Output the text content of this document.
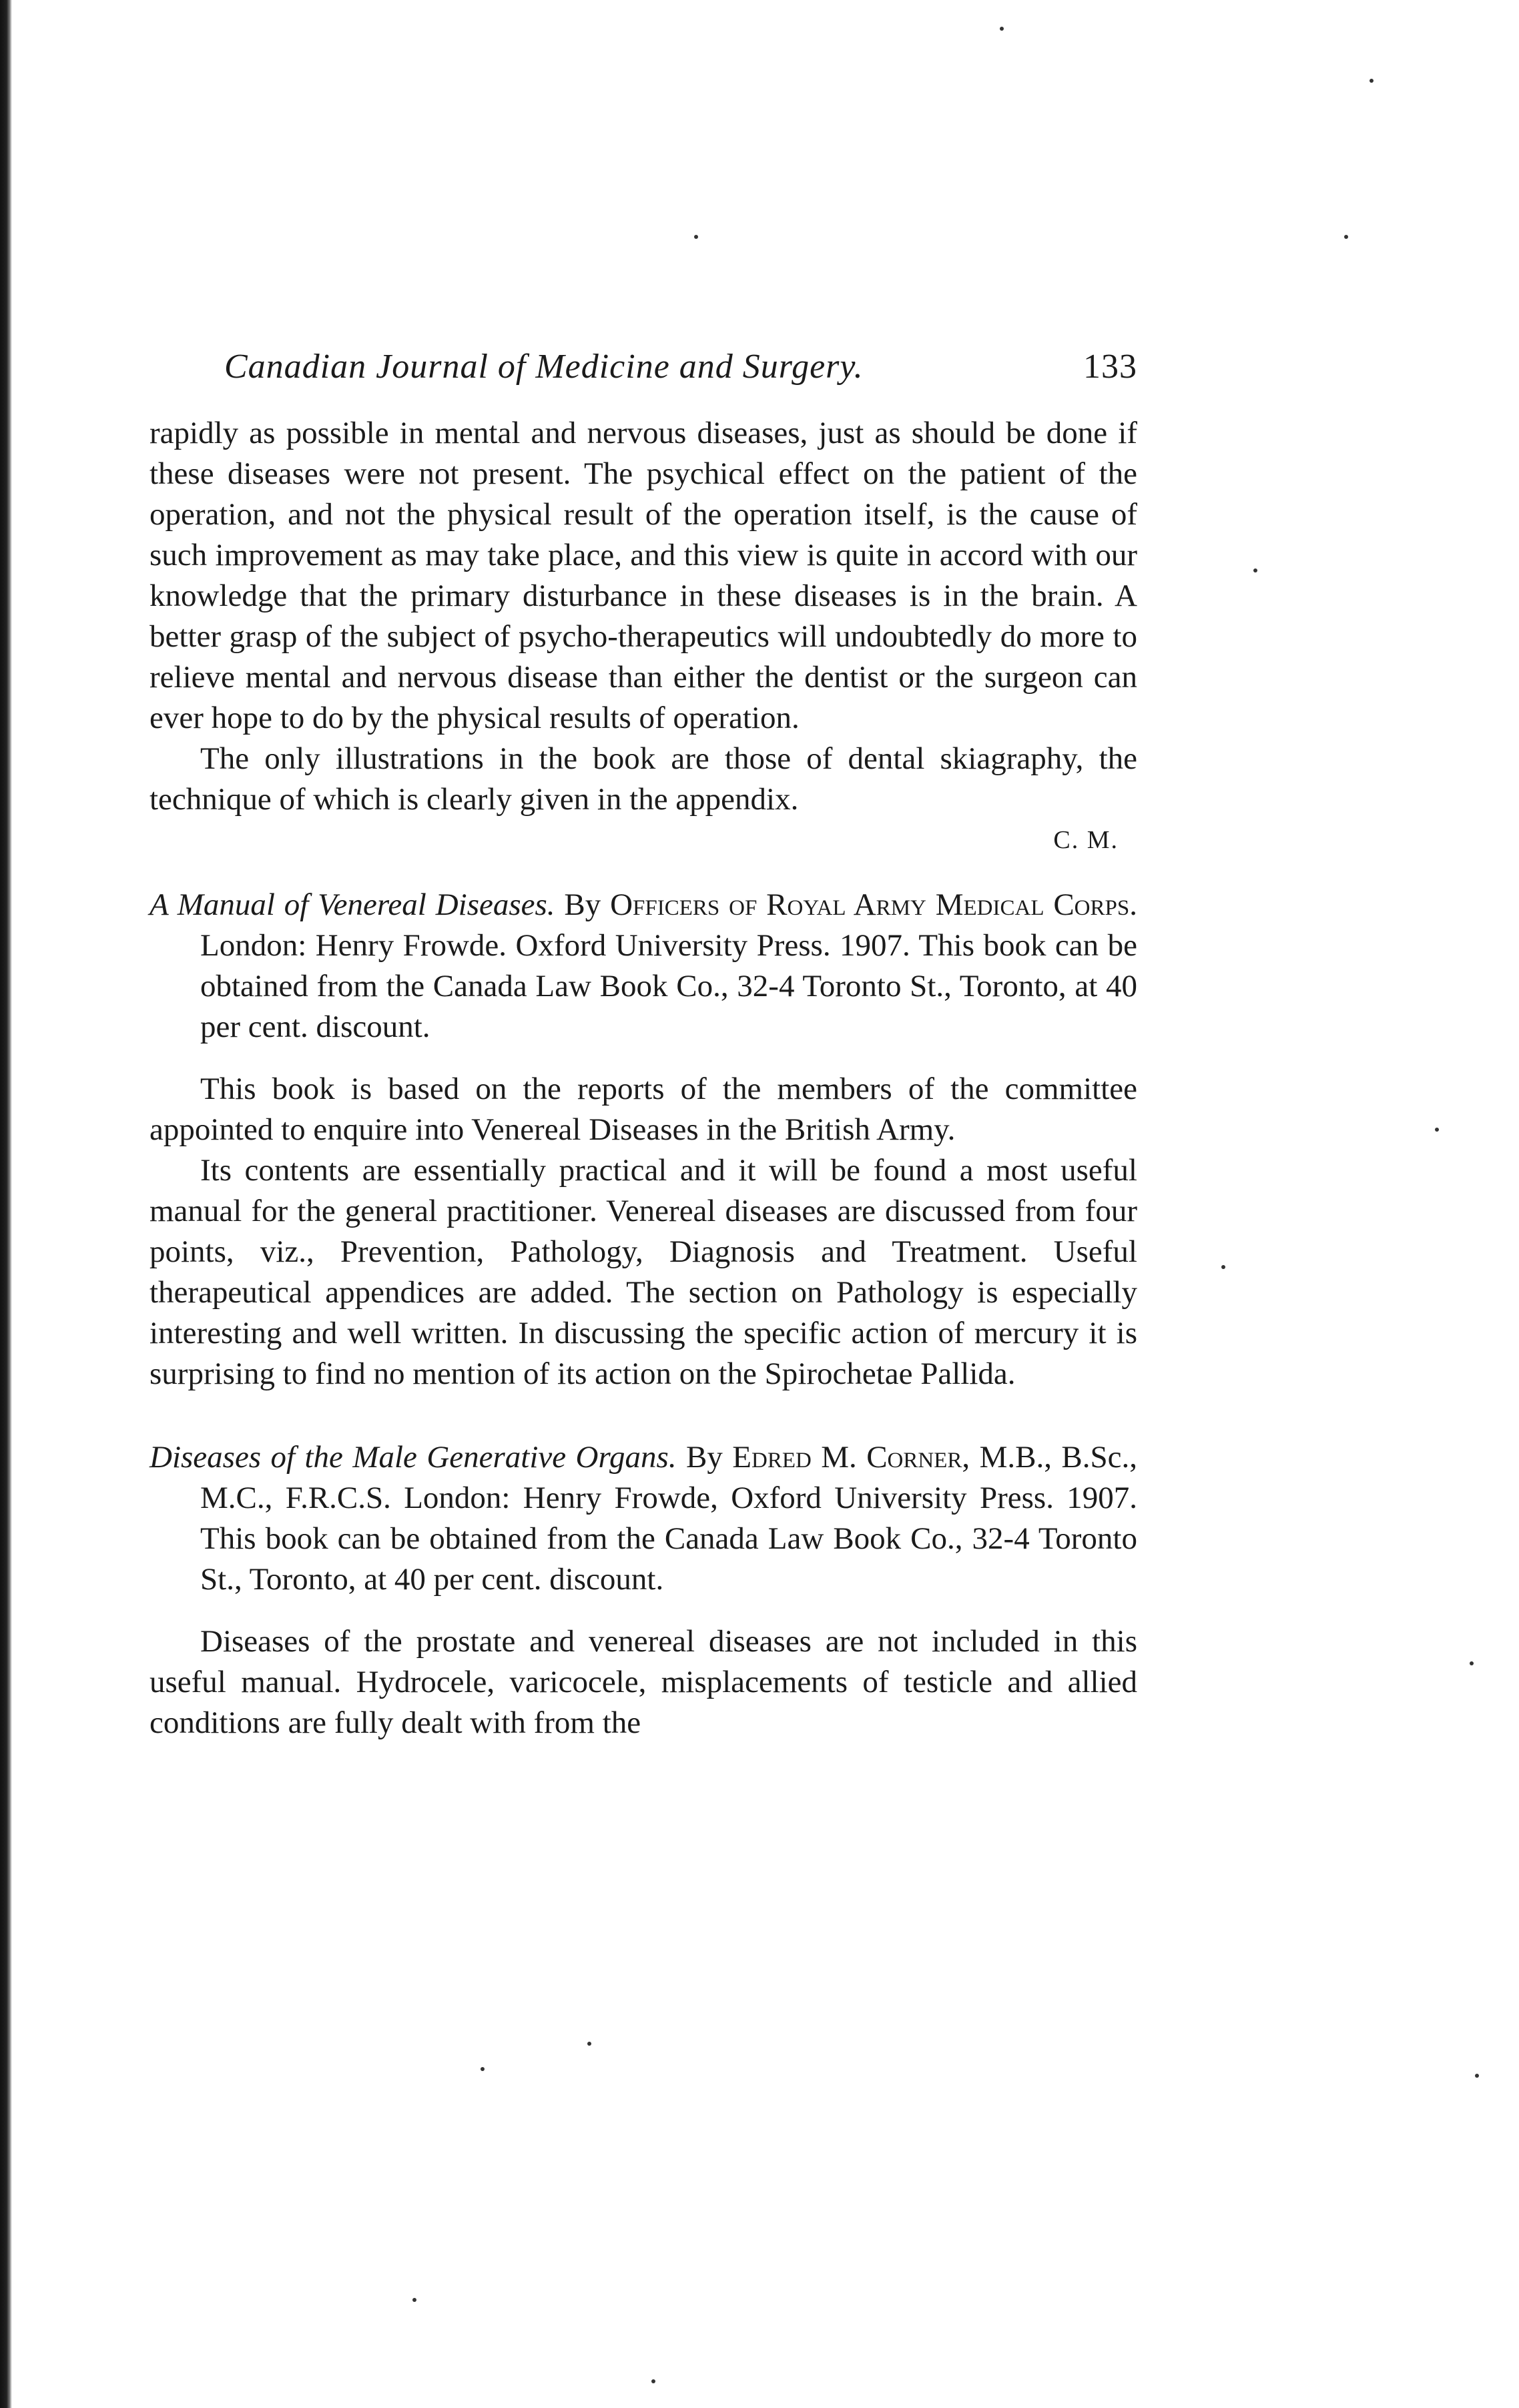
Canadian Journal of Medicine and Surgery.	133

rapidly as possible in mental and nervous diseases, just as should be done if these diseases were not present. The psychical effect on the patient of the operation, and not the physical result of the operation itself, is the cause of such improvement as may take place, and this view is quite in accord with our knowledge that the primary disturbance in these diseases is in the brain. A better grasp of the subject of psycho-therapeutics will undoubtedly do more to relieve mental and nervous disease than either the dentist or the surgeon can ever hope to do by the physical results of operation.

The only illustrations in the book are those of dental skiagraphy, the technique of which is clearly given in the appendix.

C. M.

A Manual of Venereal Diseases. By Officers of Royal Army Medical Corps. London: Henry Frowde. Oxford University Press. 1907. This book can be obtained from the Canada Law Book Co., 32-4 Toronto St., Toronto, at 40 per cent. discount.

This book is based on the reports of the members of the committee appointed to enquire into Venereal Diseases in the British Army.

Its contents are essentially practical and it will be found a most useful manual for the general practitioner. Venereal diseases are discussed from four points, viz., Prevention, Pathology, Diagnosis and Treatment. Useful therapeutical appendices are added. The section on Pathology is especially interesting and well written. In discussing the specific action of mercury it is surprising to find no mention of its action on the Spirochetae Pallida.

Diseases of the Male Generative Organs. By Edred M. Corner, M.B., B.Sc., M.C., F.R.C.S. London: Henry Frowde, Oxford University Press. 1907. This book can be obtained from the Canada Law Book Co., 32-4 Toronto St., Toronto, at 40 per cent. discount.

Diseases of the prostate and venereal diseases are not included in this useful manual. Hydrocele, varicocele, misplacements of testicle and allied conditions are fully dealt with from the
